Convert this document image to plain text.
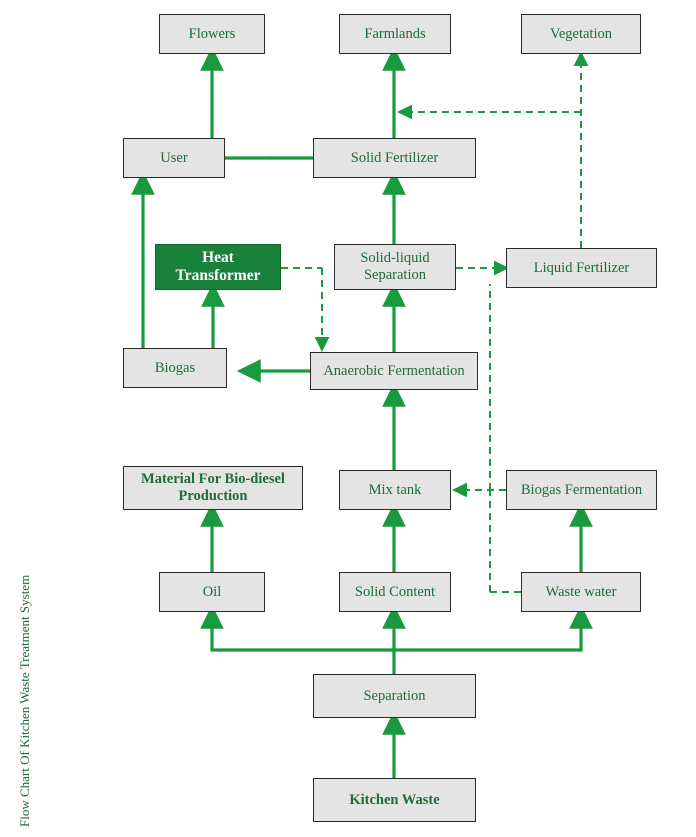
Flowers	Farmlands	Vegetation
User	Solid Fertilizer
Heat Transformer
Solid-liquid Separation	Liquid Fertilizer
Biogas	Anaerobic Fermentation
Material For Bio-diesel Production	Mix tank	Biogas Fermentation
Oil	Solid Content	Waste water
Separation
Kitchen Waste
Flow Chart Of Kitchen Waste Treatment System
